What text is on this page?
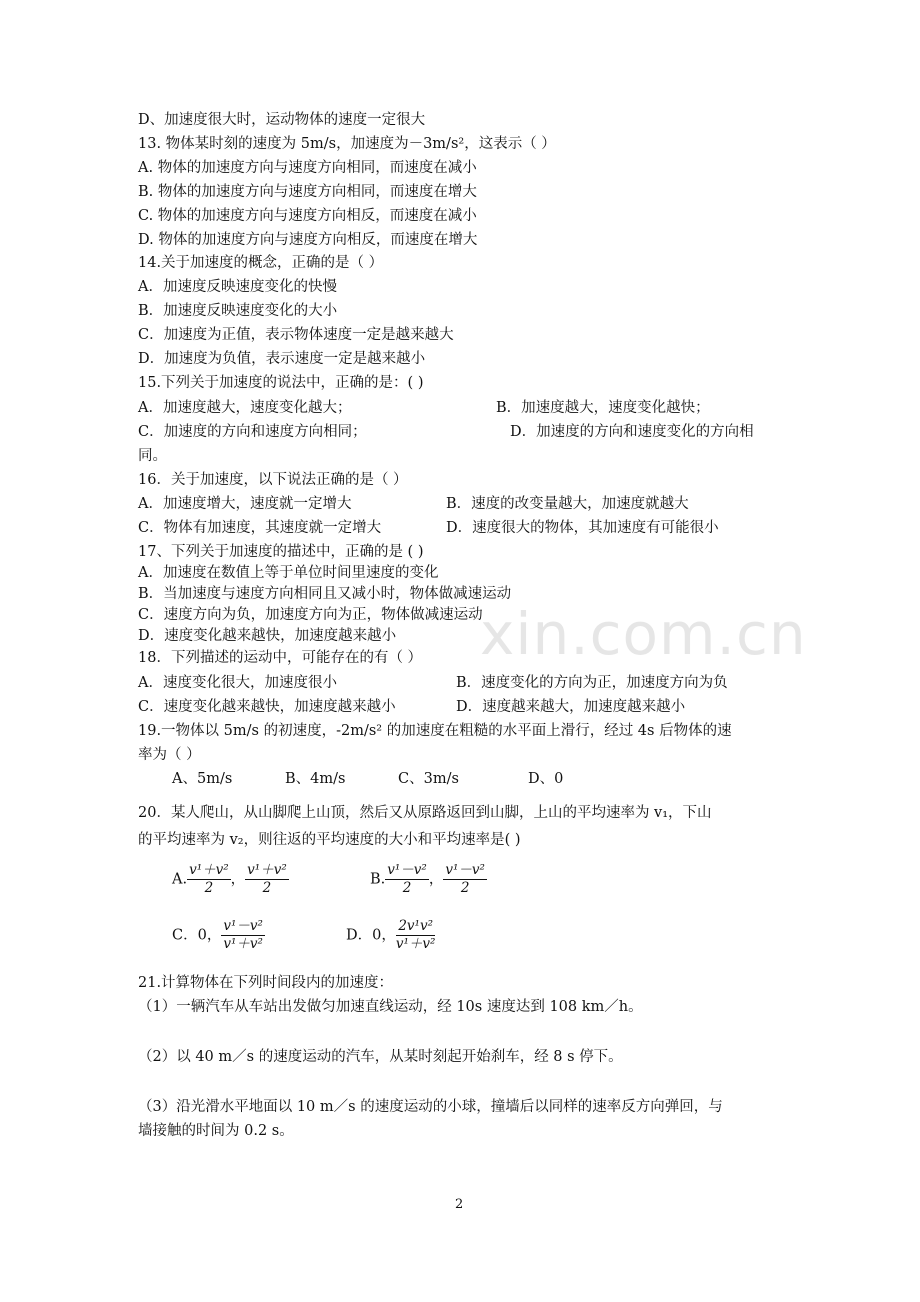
20．某人爬山，从山脚爬上山顶，然后又从原路返回到山脚，上山的平均速率为 v₁，下山
的平均速率为 v₂，则往返的平均速度的大小和平均速率是( )
A. $\frac{\text{v¹＋v²}}{2}$ ， $\frac{\text{v¹＋v²}}{2}$	B. $\frac{\text{v¹－v²}}{2}$ ， $\frac{\text{v¹－v²}}{2}$
C．0， $\frac{\text{v¹－v²}}{\text{v¹＋v²}}$	D．0， $\frac{\text{2v¹v²}}{\text{v¹＋v²}}$
xin.com.cn
2
D、加速度很大时，运动物体的速度一定很大
13. 物体某时刻的速度为 5m/s，加速度为－3m/s²，这表示（ ）
A. 物体的加速度方向与速度方向相同，而速度在减小
B. 物体的加速度方向与速度方向相同，而速度在增大
C. 物体的加速度方向与速度方向相反，而速度在减小
D. 物体的加速度方向与速度方向相反，而速度在增大
14.关于加速度的概念，正确的是（ ）
A．加速度反映速度变化的快慢
B．加速度反映速度变化的大小
C．加速度为正值，表示物体速度一定是越来越大
D．加速度为负值，表示速度一定是越来越小
15.下列关于加速度的说法中，正确的是：( )
同。
16．关于加速度，以下说法正确的是（ ）
17、下列关于加速度的描述中，正确的是 ( )
A．加速度在数值上等于单位时间里速度的变化
B．当加速度与速度方向相同且又减小时，物体做减速运动
C．速度方向为负，加速度方向为正，物体做减速运动
D．速度变化越来越快，加速度越来越小
18．下列描述的运动中，可能存在的有（ ）
19.一物体以 5m/s 的初速度，-2m/s² 的加速度在粗糙的水平面上滑行，经过 4s 后物体的速
率为（ ）
21.计算物体在下列时间段内的加速度：
（1）一辆汽车从车站出发做匀加速直线运动，经 10s 速度达到 108 km／h。
（2）以 40 m／s 的速度运动的汽车，从某时刻起开始刹车，经 8 s 停下。
（3）沿光滑水平地面以 10 m／s 的速度运动的小球，撞墙后以同样的速率反方向弹回，与
墙接触的时间为 0.2 s。
A．加速度越大，速度变化越大；	B．加速度越大，速度变化越快；
C．加速度的方向和速度方向相同；	D．加速度的方向和速度变化的方向相
A．加速度增大，速度就一定增大	B．速度的改变量越大，加速度就越大
C．物体有加速度，其速度就一定增大	D．速度很大的物体，其加速度有可能很小
A．速度变化很大，加速度很小	B．速度变化的方向为正，加速度方向为负
C．速度变化越来越快，加速度越来越小	D．速度越来越大，加速度越来越小
A、5m/s	B、4m/s	C、3m/s	D、0
